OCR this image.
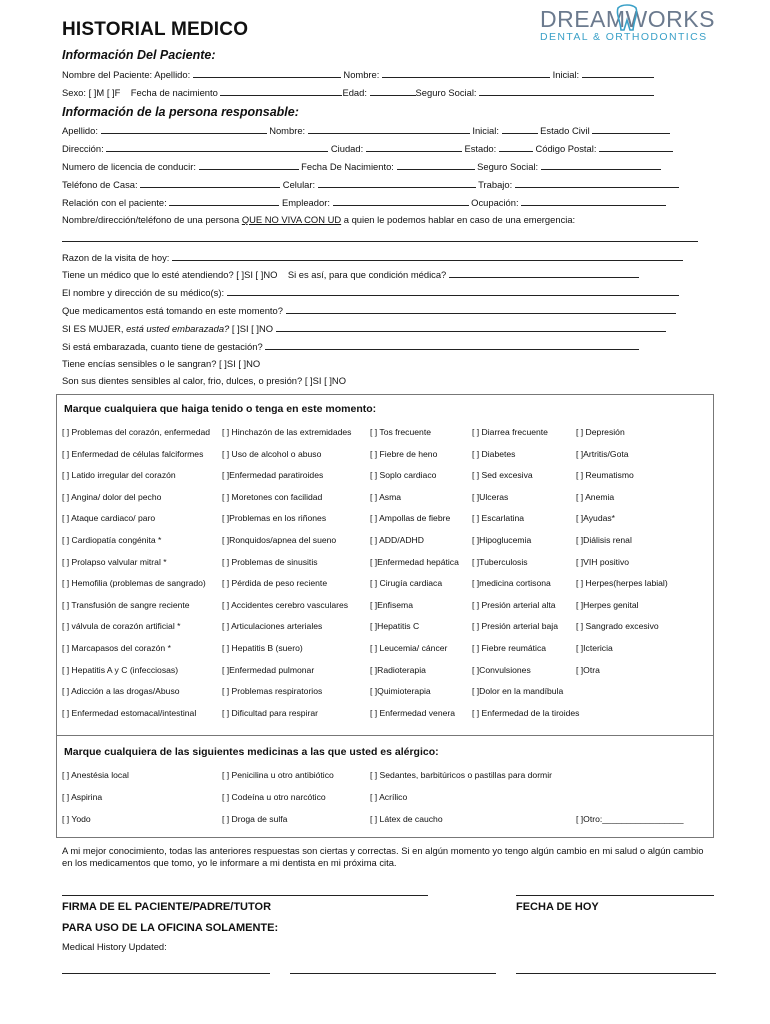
HISTORIAL MEDICO	DREAMWORKS
DENTAL & ORTHODONTICS
Información Del Paciente:
Nombre del Paciente: Apellido:	Nombre:	Inicial:
Sexo: [ ]M [ ]F Fecha de nacimiento	Edad:	Seguro Social:
Información de la persona responsable:
Apellido:	Nombre:	Inicial:	Estado Civil
Dirección:	Ciudad:	Estado:	Código Postal:
Numero de licencia de conducir:	Fecha De Nacimiento:	Seguro Social:
Teléfono de Casa:	Celular:	Trabajo:
Relación con el paciente:	Empleador:	Ocupación:
Nombre/dirección/teléfono de una persona QUE NO VIVA CON UD a quien le podemos hablar en caso de una emergencia:
Razon de la visita de hoy:
Tiene un médico que lo esté atendiendo? [ ]SI [ ]NO Si es así, para que condición médica?
El nombre y dirección de su médico(s):
Que medicamentos está tomando en este momento?
SI ES MUJER, está usted embarazada? [ ]SI [ ]NO
Si está embarazada, cuanto tiene de gestación?
Tiene encías sensibles o le sangran? [ ]SI [ ]NO
Son sus dientes sensibles al calor, frio, dulces, o presión? [ ]SI [ ]NO
Marque cualquiera que haiga tenido o tenga en este momento:
[ ] Problemas del corazón, enfermedad [ ] Hinchazón de las extremidades [ ] Tos frecuente	[ ] Diarrea frecuente	[ ] Depresión
[ ] Enfermedad de células falciformes [ ] Uso de alcohol o abuso	[ ] Fiebre de heno	[ ] Diabetes	[ ]Artritis/Gota
[ ] Latido irregular del corazón	[ ]Enfermedad paratiroides	[ ] Soplo cardiaco	[ ] Sed excesiva	[ ] Reumatismo
[ ] Angina/ dolor del pecho	[ ] Moretones con facilidad	[ ] Asma	[ ]Ulceras	[ ] Anemia
[ ] Ataque cardiaco/ paro	[ ]Problemas en los riñones	[ ] Ampollas de fiebre	[ ] Escarlatina	[ ]Ayudas*
[ ] Cardiopatía congénita *	[ ]Ronquidos/apnea del sueno	[ ] ADD/ADHD	[ ]Hipoglucemia	[ ]Diálisis renal
[ ] Prolapso valvular mitral *	[ ] Problemas de sinusitis	[ ]Enfermedad hepática [ ]Tuberculosis	[ ]VIH positivo
[ ] Hemofilia (problemas de sangrado) [ ] Pérdida de peso reciente	[ ] Cirugía cardiaca	[ ]medicina cortisona	[ ] Herpes(herpes labial)
[ ] Transfusión de sangre reciente	[ ] Accidentes cerebro vasculares	[ ]Enfisema	[ ] Presión arterial alta [ ]Herpes genital
[ ] válvula de corazón artificial *	[ ] Articulaciones arteriales	[ ]Hepatitis C	[ ] Presión arterial baja [ ] Sangrado excesivo
[ ] Marcapasos del corazón *	[ ] Hepatitis B (suero)	[ ] Leucemia/ cáncer	[ ] Fiebre reumática	[ ]Ictericia
[ ] Hepatitis A y C (infecciosas)	[ ]Enfermedad pulmonar	[ ]Radioterapia	[ ]Convulsiones	[ ]Otra
[ ] Adicción a las drogas/Abuso	[ ] Problemas respiratorios	[ ]Quimioterapia	[ ]Dolor en la mandíbula
[ ] Enfermedad estomacal/intestinal	[ ] Dificultad para respirar	[ ] Enfermedad venera [ ] Enfermedad de la tiroides
Marque cualquiera de las siguientes medicinas a las que usted es alérgico:
[ ] Anestésia local	[ ] Penicilina u otro antibiótico	[ ] Sedantes, barbitúricos o pastillas para dormir
[ ] Aspirina	[ ] Codeína u otro narcótico	[ ] Acrílico
[ ] Yodo	[ ] Droga de sulfa	[ ] Látex de caucho	[ ]Otro:_________________
A mi mejor conocimiento, todas las anteriores respuestas son ciertas y correctas. Si en algún momento yo tengo algún cambio en mi salud o algún cambio en los medicamentos que tomo, yo le informare a mi dentista en mi próxima cita.
FIRMA DE EL PACIENTE/PADRE/TUTOR	FECHA DE HOY
PARA USO DE LA OFICINA SOLAMENTE:
Medical History Updated:
